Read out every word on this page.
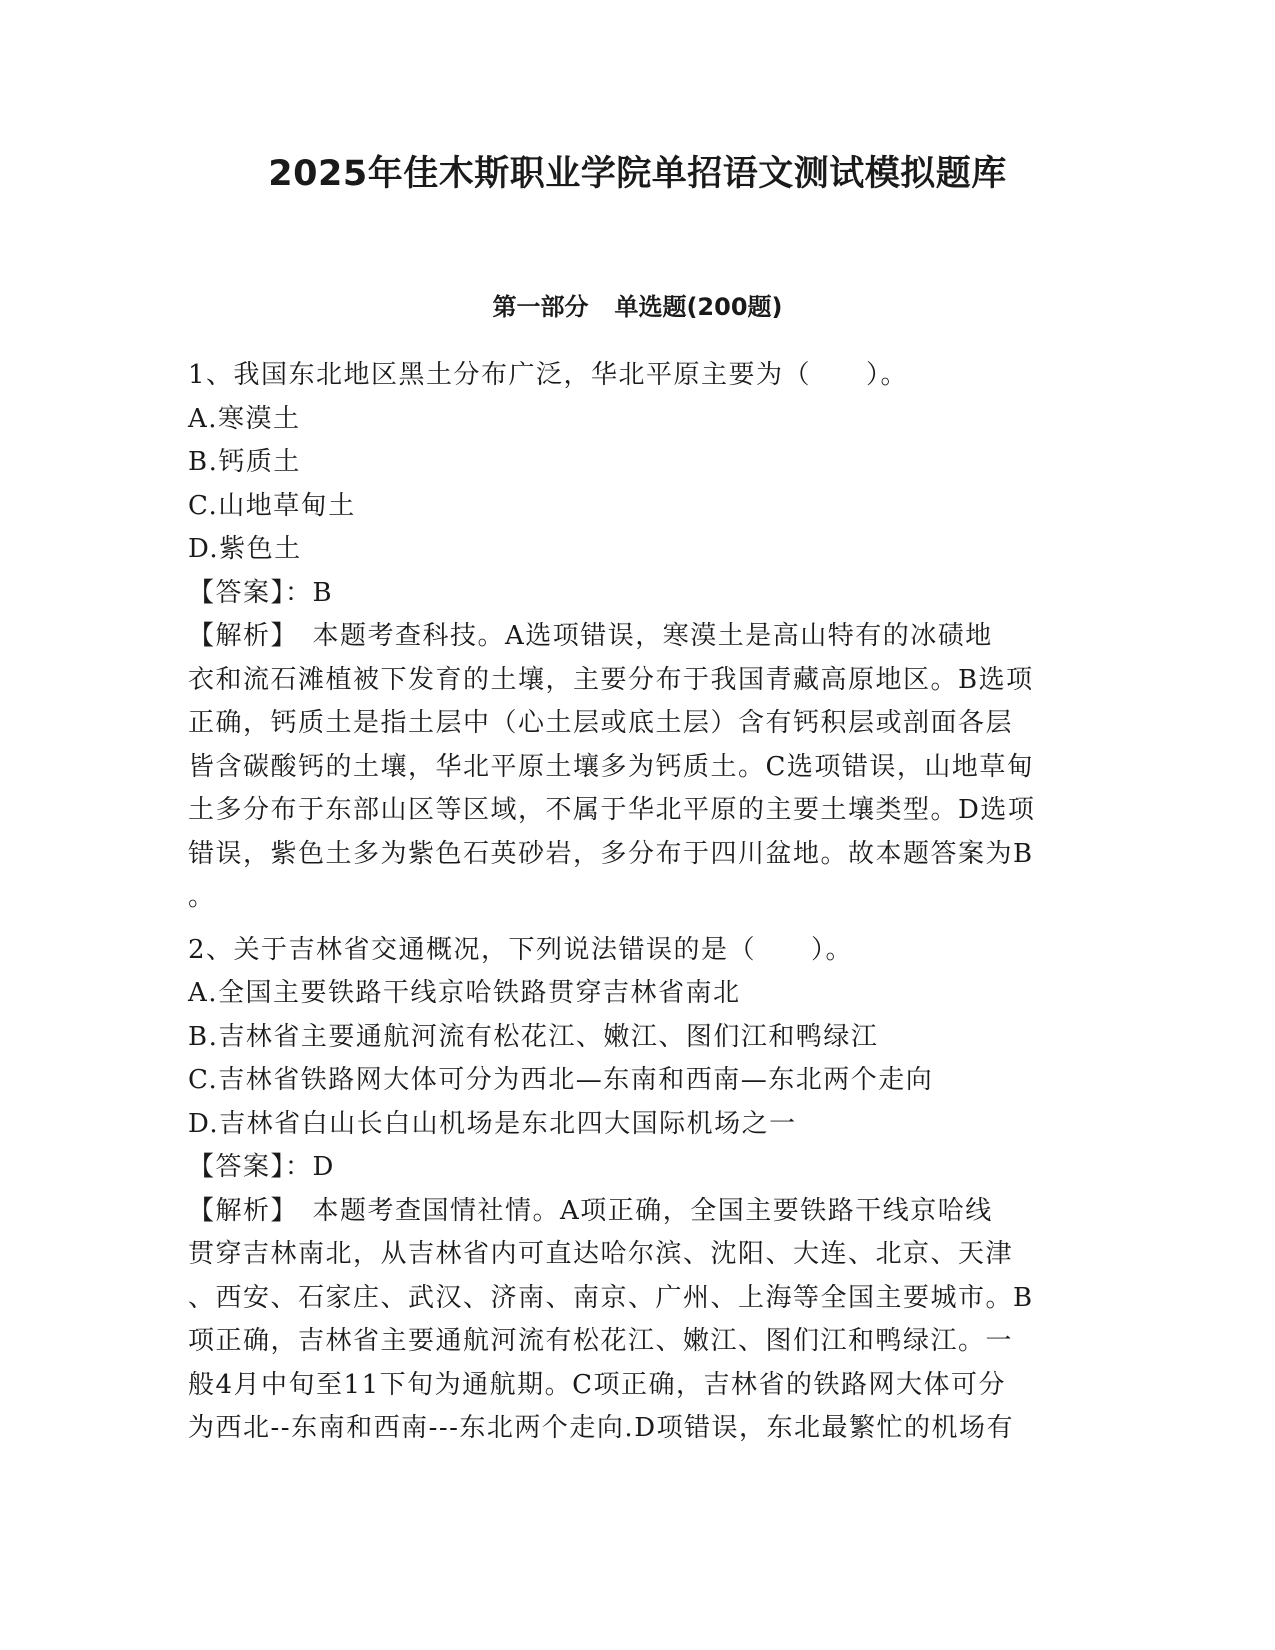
2025年佳木斯职业学院单招语文测试模拟题库
第一部分 单选题(200题)
1、我国东北地区黑土分布广泛，华北平原主要为（　　）。
A.寒漠土
B.钙质土
C.山地草甸土
D.紫色土
【答案】：B
【解析】　本题考查科技。A选项错误，寒漠土是高山特有的冰碛地
衣和流石滩植被下发育的土壤，主要分布于我国青藏高原地区。B选项
正确，钙质土是指土层中（心土层或底土层）含有钙积层或剖面各层
皆含碳酸钙的土壤，华北平原土壤多为钙质土。C选项错误，山地草甸
土多分布于东部山区等区域，不属于华北平原的主要土壤类型。D选项
错误，紫色土多为紫色石英砂岩，多分布于四川盆地。故本题答案为B
。
2、关于吉林省交通概况，下列说法错误的是（　　）。
A.全国主要铁路干线京哈铁路贯穿吉林省南北
B.吉林省主要通航河流有松花江、嫩江、图们江和鸭绿江
C.吉林省铁路网大体可分为西北—东南和西南—东北两个走向
D.吉林省白山长白山机场是东北四大国际机场之一
【答案】：D
【解析】　本题考查国情社情。A项正确，全国主要铁路干线京哈线
贯穿吉林南北，从吉林省内可直达哈尔滨、沈阳、大连、北京、天津
、西安、石家庄、武汉、济南、南京、广州、上海等全国主要城市。B
项正确，吉林省主要通航河流有松花江、嫩江、图们江和鸭绿江。一
般4月中旬至11下旬为通航期。C项正确，吉林省的铁路网大体可分
为西北--东南和西南---东北两个走向.D项错误，东北最繁忙的机场有
